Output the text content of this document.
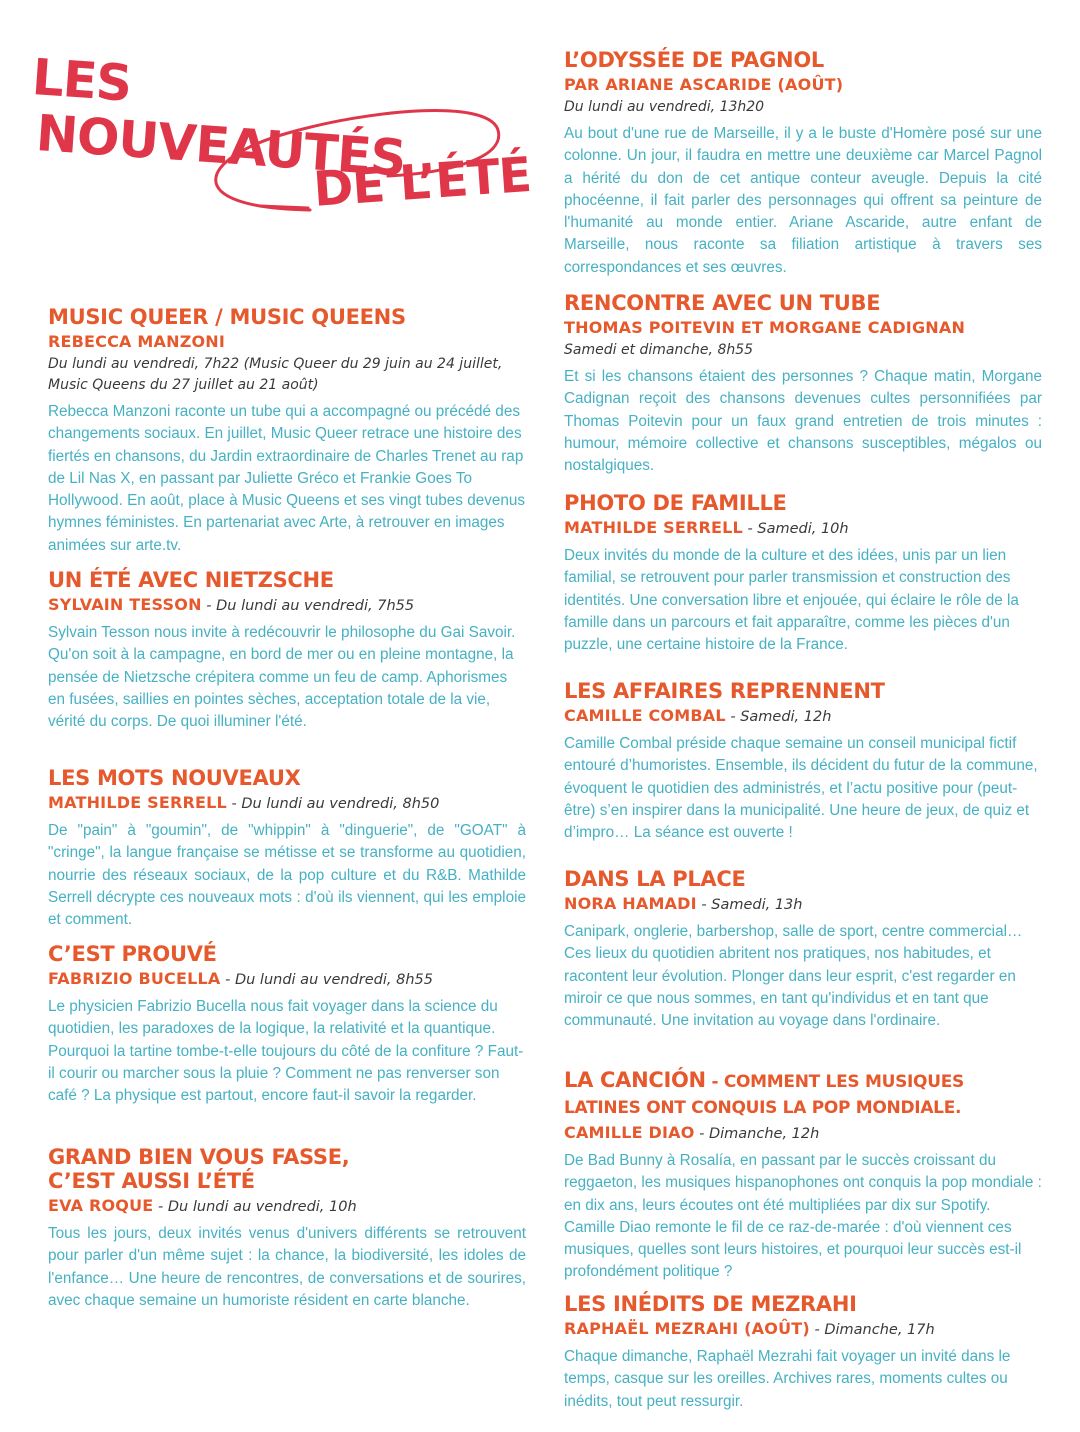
LES
NOUVEAUTÉS
DE L’ÉTÉ
MUSIC QUEER / MUSIC QUEENS
REBECCA MANZONI
Du lundi au vendredi, 7h22 (Music Queer du 29 juin au 24 juillet, Music Queens du 27 juillet au 21 août)
Rebecca Manzoni raconte un tube qui a accompagné ou précédé des changements sociaux. En juillet, Music Queer retrace une histoire des fiertés en chansons, du Jardin extraordinaire de Charles Trenet au rap de Lil Nas X, en passant par Juliette Gréco et Frankie Goes To Hollywood. En août, place à Music Queens et ses vingt tubes devenus hymnes féministes. En partenariat avec Arte, à retrouver en images animées sur arte.tv.
UN ÉTÉ AVEC NIETZSCHE
SYLVAIN TESSON - Du lundi au vendredi, 7h55
Sylvain Tesson nous invite à redécouvrir le philosophe du Gai Savoir. Qu'on soit à la campagne, en bord de mer ou en pleine montagne, la pensée de Nietzsche crépitera comme un feu de camp. Aphorismes en fusées, saillies en pointes sèches, acceptation totale de la vie, vérité du corps. De quoi illuminer l'été.
LES MOTS NOUVEAUX
MATHILDE SERRELL - Du lundi au vendredi, 8h50
De "pain" à "goumin", de "whippin" à "dinguerie", de "GOAT" à "cringe", la langue française se métisse et se transforme au quotidien, nourrie des réseaux sociaux, de la pop culture et du R&B. Mathilde Serrell décrypte ces nouveaux mots : d'où ils viennent, qui les emploie et comment.
C’EST PROUVÉ
FABRIZIO BUCELLA - Du lundi au vendredi, 8h55
Le physicien Fabrizio Bucella nous fait voyager dans la science du quotidien, les paradoxes de la logique, la relativité et la quantique. Pourquoi la tartine tombe-t-elle toujours du côté de la confiture ? Faut-il courir ou marcher sous la pluie ? Comment ne pas renverser son café ? La physique est partout, encore faut-il savoir la regarder.
GRAND BIEN VOUS FASSE,
C’EST AUSSI L’ÉTÉ
EVA ROQUE - Du lundi au vendredi, 10h
Tous les jours, deux invités venus d'univers différents se retrouvent pour parler d'un même sujet : la chance, la biodiversité, les idoles de l'enfance… Une heure de rencontres, de conversations et de sourires, avec chaque semaine un humoriste résident en carte blanche.
L’ODYSSÉE DE PAGNOL
PAR ARIANE ASCARIDE (AOÛT)
Du lundi au vendredi, 13h20
Au bout d'une rue de Marseille, il y a le buste d'Homère posé sur une colonne. Un jour, il faudra en mettre une deuxième car Marcel Pagnol a hérité du don de cet antique conteur aveugle. Depuis la cité phocéenne, il fait parler des personnages qui offrent sa peinture de l'humanité au monde entier. Ariane Ascaride, autre enfant de Marseille, nous raconte sa filiation artistique à travers ses correspondances et ses œuvres.
RENCONTRE AVEC UN TUBE
THOMAS POITEVIN ET MORGANE CADIGNAN
Samedi et dimanche, 8h55
Et si les chansons étaient des personnes ? Chaque matin, Morgane Cadignan reçoit des chansons devenues cultes personnifiées par Thomas Poitevin pour un faux grand entretien de trois minutes : humour, mémoire collective et chansons susceptibles, mégalos ou nostalgiques.
PHOTO DE FAMILLE
MATHILDE SERRELL - Samedi, 10h
Deux invités du monde de la culture et des idées, unis par un lien familial, se retrouvent pour parler transmission et construction des identités. Une conversation libre et enjouée, qui éclaire le rôle de la famille dans un parcours et fait apparaître, comme les pièces d'un puzzle, une certaine histoire de la France.
LES AFFAIRES REPRENNENT
CAMILLE COMBAL - Samedi, 12h
Camille Combal préside chaque semaine un conseil municipal fictif entouré d’humoristes. Ensemble, ils décident du futur de la commune, évoquent le quotidien des administrés, et l’actu positive pour (peut-être) s’en inspirer dans la municipalité. Une heure de jeux, de quiz et d’impro… La séance est ouverte !
DANS LA PLACE
NORA HAMADI - Samedi, 13h
Canipark, onglerie, barbershop, salle de sport, centre commercial… Ces lieux du quotidien abritent nos pratiques, nos habitudes, et racontent leur évolution. Plonger dans leur esprit, c'est regarder en miroir ce que nous sommes, en tant qu'individus et en tant que communauté. Une invitation au voyage dans l'ordinaire.
LA CANCIÓN - COMMENT LES MUSIQUES LATINES ONT CONQUIS LA POP MONDIALE.
CAMILLE DIAO - Dimanche, 12h
De Bad Bunny à Rosalía, en passant par le succès croissant du reggaeton, les musiques hispanophones ont conquis la pop mondiale : en dix ans, leurs écoutes ont été multipliées par dix sur Spotify. Camille Diao remonte le fil de ce raz-de-marée : d'où viennent ces musiques, quelles sont leurs histoires, et pourquoi leur succès est-il profondément politique ?
LES INÉDITS DE MEZRAHI
RAPHAËL MEZRAHI (AOÛT) - Dimanche, 17h
Chaque dimanche, Raphaël Mezrahi fait voyager un invité dans le temps, casque sur les oreilles. Archives rares, moments cultes ou inédits, tout peut ressurgir.
